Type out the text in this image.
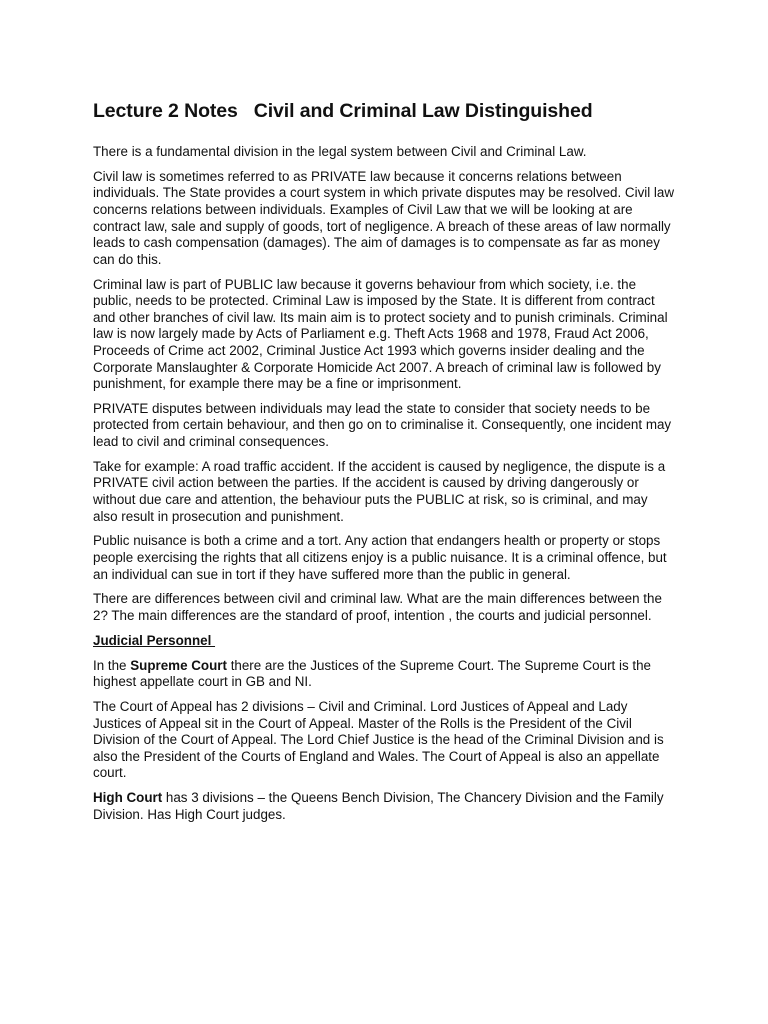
Lecture 2 Notes   Civil and Criminal Law Distinguished

There is a fundamental division in the legal system between Civil and Criminal Law.

Civil law is sometimes referred to as PRIVATE law because it concerns relations between individuals. The State provides a court system in which private disputes may be resolved. Civil law concerns relations between individuals. Examples of Civil Law that we will be looking at are contract law, sale and supply of goods, tort of negligence. A breach of these areas of law normally leads to cash compensation (damages). The aim of damages is to compensate as far as money can do this.

Criminal law is part of PUBLIC law because it governs behaviour from which society, i.e. the public, needs to be protected. Criminal Law is imposed by the State. It is different from contract and other branches of civil law. Its main aim is to protect society and to punish criminals. Criminal law is now largely made by Acts of Parliament e.g. Theft Acts 1968 and 1978, Fraud Act 2006, Proceeds of Crime act 2002, Criminal Justice Act 1993 which governs insider dealing and the Corporate Manslaughter & Corporate Homicide Act 2007. A breach of criminal law is followed by punishment, for example there may be a fine or imprisonment.

PRIVATE disputes between individuals may lead the state to consider that society needs to be protected from certain behaviour, and then go on to criminalise it. Consequently, one incident may lead to civil and criminal consequences.

Take for example: A road traffic accident. If the accident is caused by negligence, the dispute is a PRIVATE civil action between the parties. If the accident is caused by driving dangerously or without due care and attention, the behaviour puts the PUBLIC at risk, so is criminal, and may also result in prosecution and punishment.

Public nuisance is both a crime and a tort. Any action that endangers health or property or stops people exercising the rights that all citizens enjoy is a public nuisance. It is a criminal offence, but an individual can sue in tort if they have suffered more than the public in general.

There are differences between civil and criminal law. What are the main differences between the 2? The main differences are the standard of proof, intention , the courts and judicial personnel.

Judicial Personnel

In the Supreme Court there are the Justices of the Supreme Court. The Supreme Court is the highest appellate court in GB and NI.

The Court of Appeal has 2 divisions – Civil and Criminal. Lord Justices of Appeal and Lady Justices of Appeal sit in the Court of Appeal. Master of the Rolls is the President of the Civil Division of the Court of Appeal. The Lord Chief Justice is the head of the Criminal Division and is also the President of the Courts of England and Wales. The Court of Appeal is also an appellate court.

High Court has 3 divisions – the Queens Bench Division, The Chancery Division and the Family Division. Has High Court judges.
